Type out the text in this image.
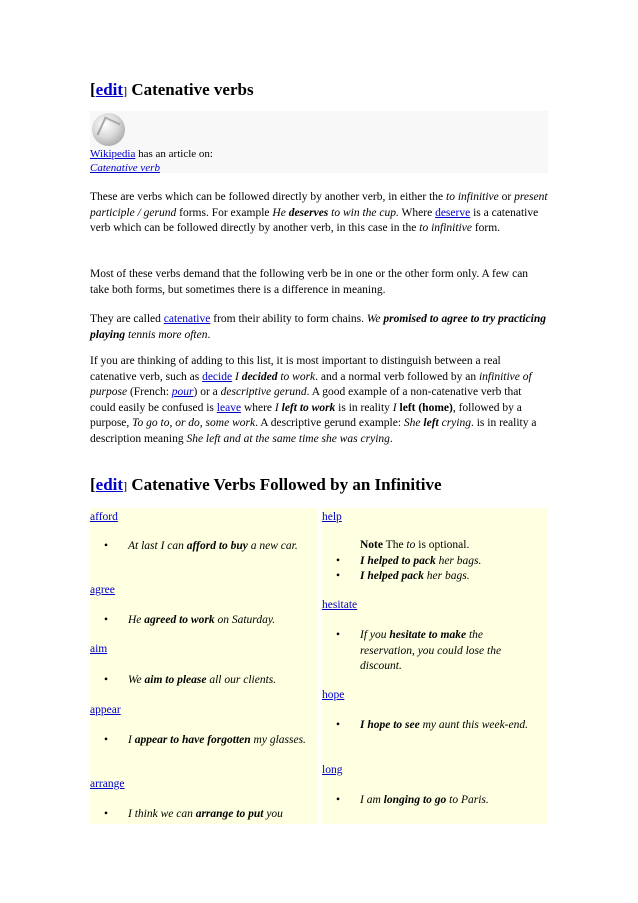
[edit] Catenative verbs
Wikipedia has an article on:
Catenative verb

These are verbs which can be followed directly by another verb, in either the to infinitive or present participle / gerund forms. For example He deserves to win the cup. Where deserve is a catenative verb which can be followed directly by another verb, in this case in the to infinitive form.

Most of these verbs demand that the following verb be in one or the other form only. A few can take both forms, but sometimes there is a difference in meaning.

They are called catenative from their ability to form chains. We promised to agree to try practicing playing tennis more often.

If you are thinking of adding to this list, it is most important to distinguish between a real catenative verb, such as decide I decided to work. and a normal verb followed by an infinitive of purpose (French: pour) or a descriptive gerund. A good example of a non-catenative verb that could easily be confused is leave where I left to work is in reality I left (home), followed by a purpose, To go to, or do, some work. A descriptive gerund example: She left crying. is in reality a description meaning She left and at the same time she was crying.

[edit] Catenative Verbs Followed by an Infinitive
afford
• At last I can afford to buy a new car.
agree
• He agreed to work on Saturday.
aim
• We aim to please all our clients.
appear
• I appear to have forgotten my glasses.
arrange
• I think we can arrange to put you
help
Note The to is optional.
• I helped to pack her bags.
• I helped pack her bags.
hesitate
• If you hesitate to make the reservation, you could lose the discount.
hope
• I hope to see my aunt this week-end.
long
• I am longing to go to Paris.
